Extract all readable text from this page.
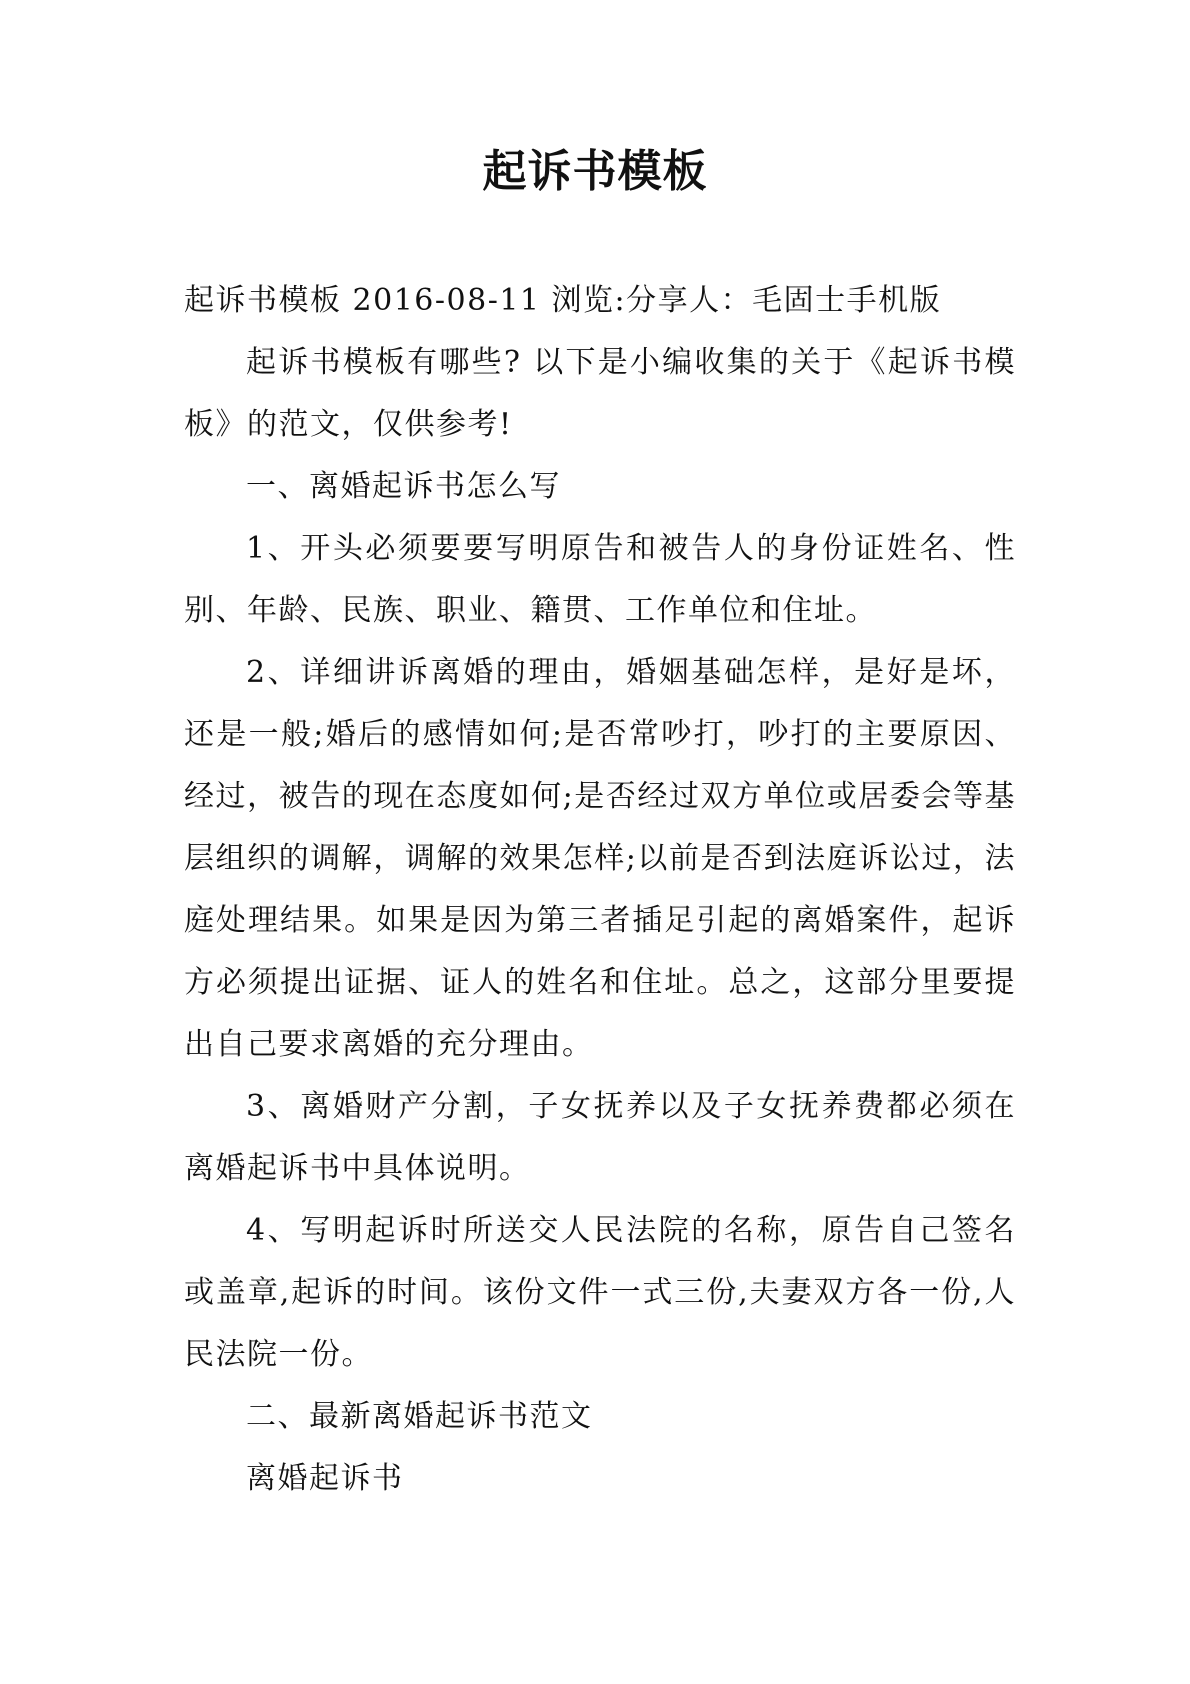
起诉书模板

起诉书模板 2016-08-11 浏览:分享人：毛固士手机版

起诉书模板有哪些? 以下是小编收集的关于《起诉书模板》的范文，仅供参考!

一、离婚起诉书怎么写

1、开头必须要要写明原告和被告人的身份证姓名、性别、年龄、民族、职业、籍贯、工作单位和住址。

2、详细讲诉离婚的理由，婚姻基础怎样，是好是坏，还是一般;婚后的感情如何;是否常吵打，吵打的主要原因、经过，被告的现在态度如何;是否经过双方单位或居委会等基层组织的调解，调解的效果怎样;以前是否到法庭诉讼过，法庭处理结果。如果是因为第三者插足引起的离婚案件，起诉方必须提出证据、证人的姓名和住址。总之，这部分里要提出自己要求离婚的充分理由。

3、离婚财产分割，子女抚养以及子女抚养费都必须在离婚起诉书中具体说明。

4、写明起诉时所送交人民法院的名称，原告自己签名或盖章,起诉的时间。该份文件一式三份,夫妻双方各一份,人民法院一份。

二、最新离婚起诉书范文

离婚起诉书
